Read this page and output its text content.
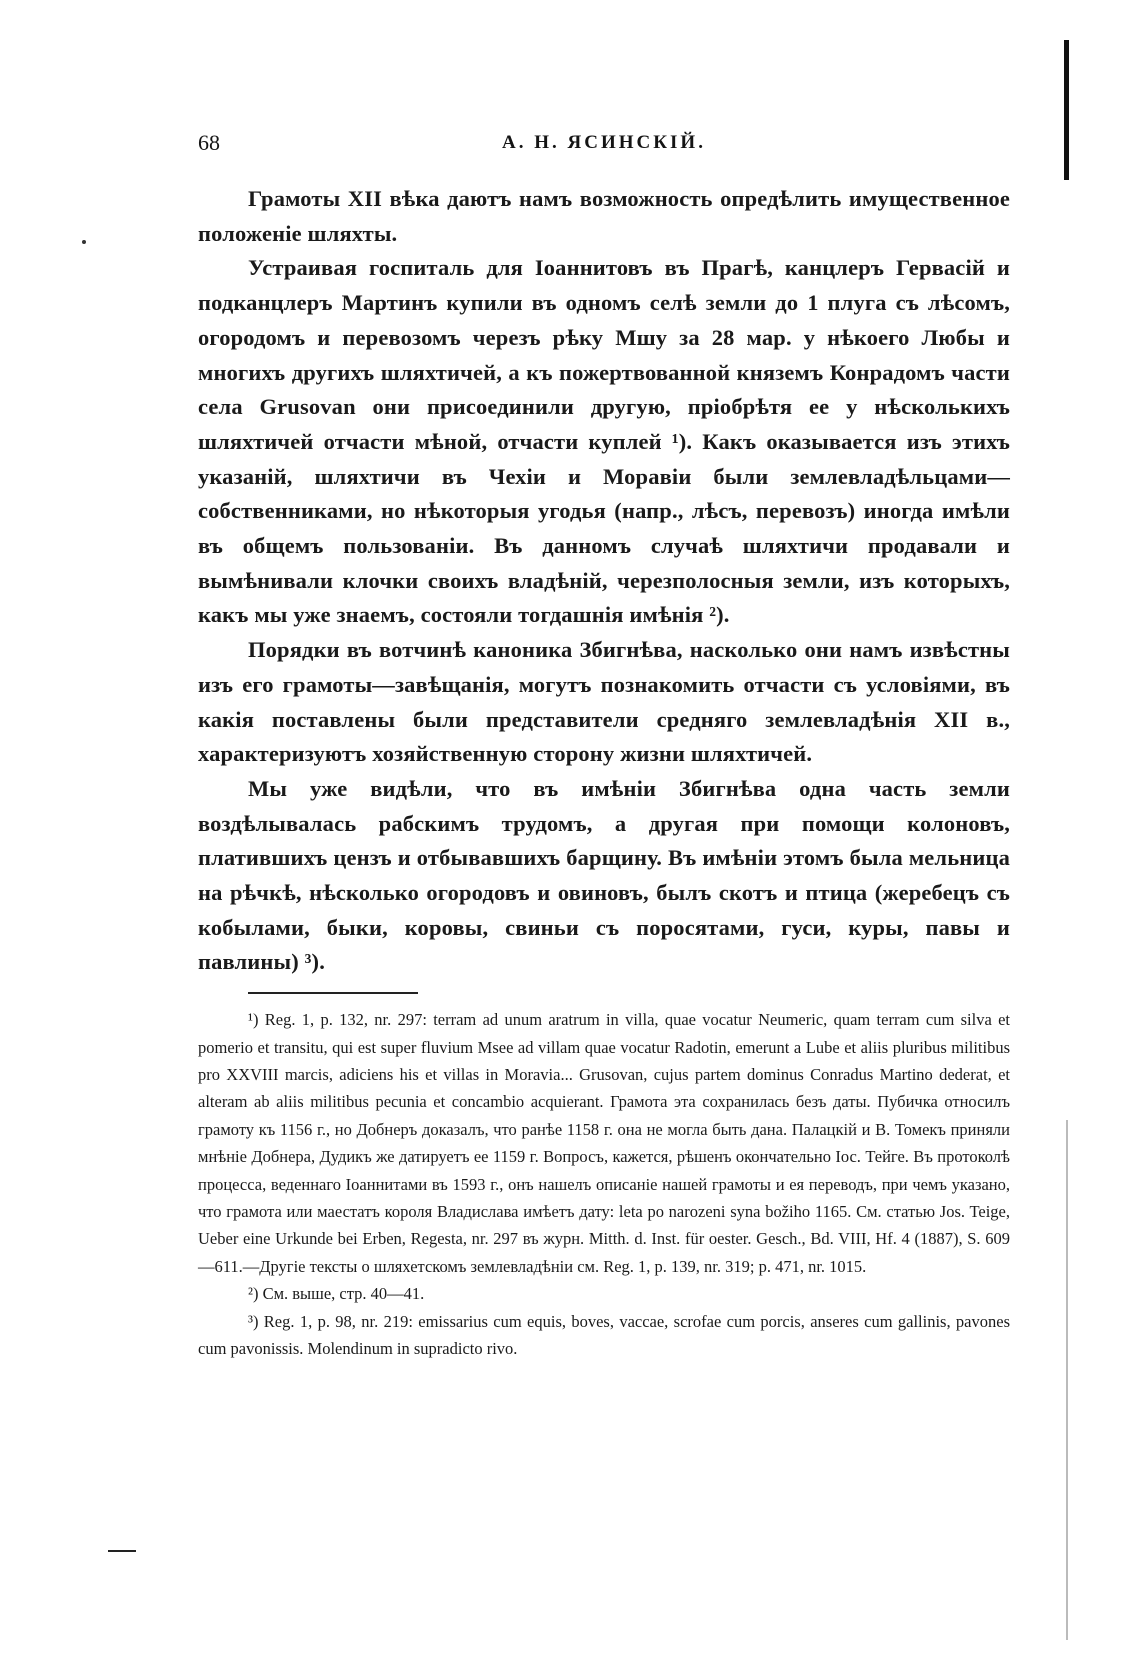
68	А. Н. ЯСИНСКІЙ.

Грамоты XII вѣка даютъ намъ возможность опредѣлить имущественное положеніе шляхты.

Устраивая госпиталь для Іоаннитовъ въ Прагѣ, канцлеръ Гервасій и подканцлеръ Мартинъ купили въ одномъ селѣ земли до 1 плуга съ лѣсомъ, огородомъ и перевозомъ черезъ рѣку Мшу за 28 мар. у нѣкоего Любы и многихъ другихъ шляхтичей, а къ пожертвованной княземъ Конрадомъ части села Grusovan они присоединили другую, пріобрѣтя ее у нѣсколькихъ шляхтичей отчасти мѣной, отчасти куплей ¹). Какъ оказывается изъ этихъ указаній, шляхтичи въ Чехіи и Моравіи были землевладѣльцами—собственниками, но нѣкоторыя угодья (напр., лѣсъ, перевозъ) иногда имѣли въ общемъ пользованіи. Въ данномъ случаѣ шляхтичи продавали и вымѣнивали клочки своихъ владѣній, черезполосныя земли, изъ которыхъ, какъ мы уже знаемъ, состояли тогдашнія имѣнія ²).

Порядки въ вотчинѣ каноника Збигнѣва, насколько они намъ извѣстны изъ его грамоты—завѣщанія, могутъ познакомить отчасти съ условіями, въ какія поставлены были представители средняго землевладѣнія XII в., характеризуютъ хозяйственную сторону жизни шляхтичей.

Мы уже видѣли, что въ имѣніи Збигнѣва одна часть земли воздѣлывалась рабскимъ трудомъ, а другая при помощи колоновъ, платившихъ цензъ и отбывавшихъ барщину. Въ имѣніи этомъ была мельница на рѣчкѣ, нѣсколько огородовъ и овиновъ, былъ скотъ и птица (жеребецъ съ кобылами, быки, коровы, свиньи съ поросятами, гуси, куры, павы и павлины) ³).

¹) Reg. 1, p. 132, nr. 297: terram ad unum aratrum in villa, quae vocatur Neumeric, quam terram cum silva et pomerio et transitu, qui est super fluvium Msee ad villam quae vocatur Radotin, emerunt a Lube et aliis pluribus militibus pro XXVIII marcis, adiciens his et villas in Moravia... Grusovan, cujus partem dominus Conradus Martino dederat, et alteram ab aliis militibus pecunia et concambio acquierant. Грамота эта сохранилась безъ даты. Пубичка относилъ грамоту къ 1156 г., но Добнеръ доказалъ, что ранѣе 1158 г. она не могла быть дана. Палацкій и В. Томекъ приняли мнѣніе Добнера, Дудикъ же датируетъ ее 1159 г. Вопросъ, кажется, рѣшенъ окончательно Іос. Тейге. Въ протоколѣ процесса, веденнаго Іоаннитами въ 1593 г., онъ нашелъ описаніе нашей грамоты и ея переводъ, при чемъ указано, что грамота или маестатъ короля Владислава имѣетъ дату: leta po narozenі syna božiho 1165. См. статью Jos. Teige, Ueber eine Urkunde bei Erben, Regesta, nr. 297 въ журн. Mitth. d. Inst. für oester. Gesch., Bd. VIII, Hf. 4 (1887), S. 609—611.—Другіе тексты о шляхетскомъ землевладѣніи см. Reg. 1, p. 139, nr. 319; p. 471, nr. 1015.

²) См. выше, стр. 40—41.

³) Reg. 1, p. 98, nr. 219: emissarius cum equis, boves, vaccae, scrofae cum porcis, anseres cum gallinis, pavones cum pavonissis. Molendinum in supradicto rivo.
